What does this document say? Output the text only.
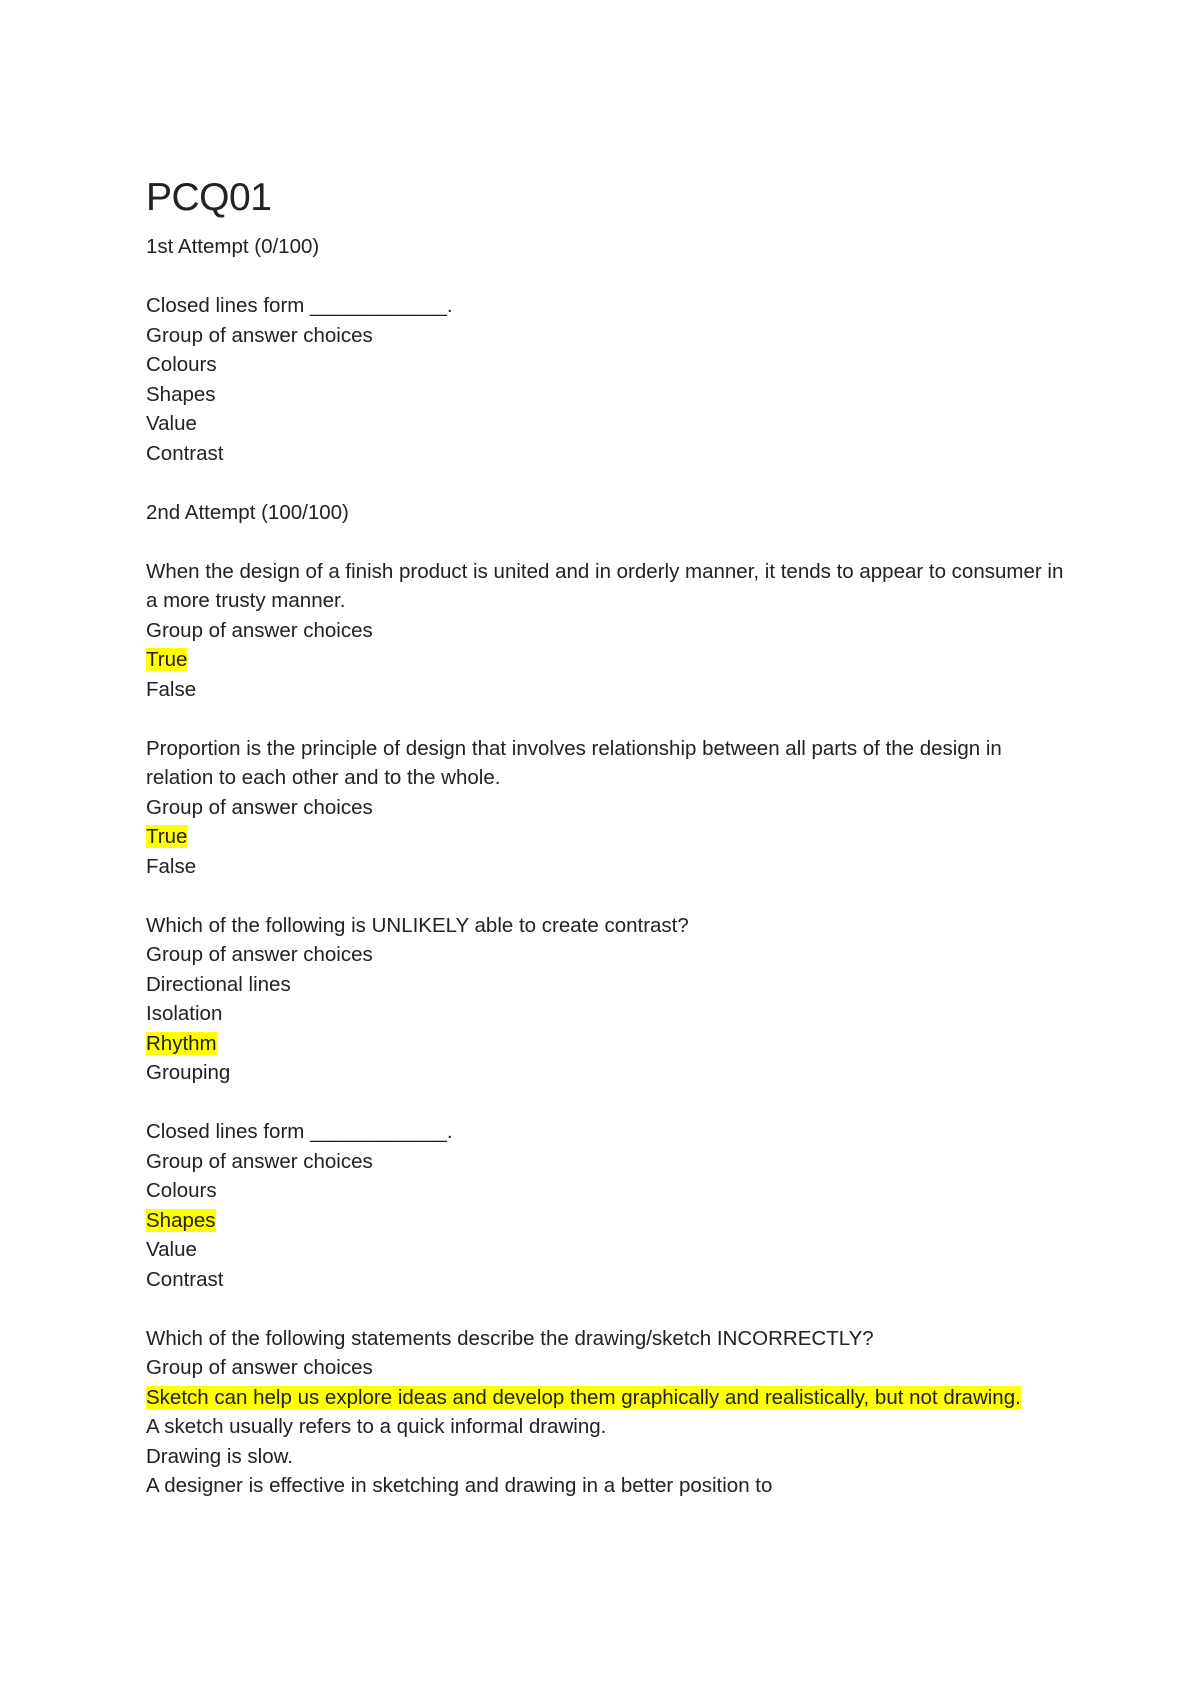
PCQ01

1st Attempt (0/100)

Closed lines form ____________.

Group of answer choices

Colours

Shapes

Value

Contrast

2nd Attempt (100/100)

When the design of a finish product is united and in orderly manner, it tends to appear to consumer in a more trusty manner.

Group of answer choices

True

False

Proportion is the principle of design that involves relationship between all parts of the design in relation to each other and to the whole.

Group of answer choices

True

False

Which of the following is UNLIKELY able to create contrast?

Group of answer choices

Directional lines

Isolation

Rhythm

Grouping

Closed lines form ____________.

Group of answer choices

Colours

Shapes

Value

Contrast

Which of the following statements describe the drawing/sketch INCORRECTLY?

Group of answer choices

Sketch can help us explore ideas and develop them graphically and realistically, but not drawing.

A sketch usually refers to a quick informal drawing.

Drawing is slow.

A designer is effective in sketching and drawing in a better position to
